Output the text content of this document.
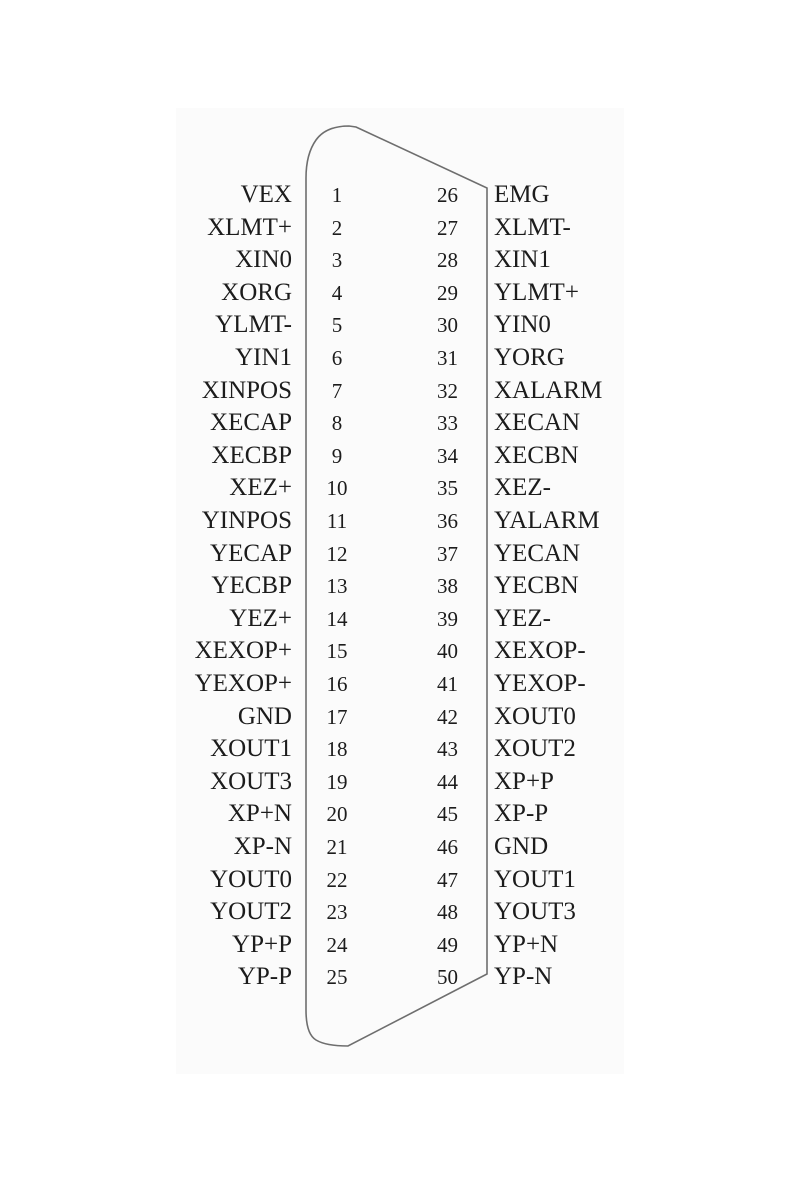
VEX 1
XLMT+ 2
XIN0 3
XORG 4
YLMT- 5
YIN1 6
XINPOS 7
XECAP 8
XECBP 9
XEZ+ 10
YINPOS 11
YECAP 12
YECBP 13
YEZ+ 14
XEXOP+ 15
YEXOP+ 16
GND 17
XOUT1 18
XOUT3 19
XP+N 20
XP-N 21
YOUT0 22
YOUT2 23
YP+P 24
YP-P 25
EMG
26
XLMT-
27
XIN1
28
YLMT+
29
YIN0
30
YORG
31
XALARM
32
XECAN
33
XECBN
34
XEZ-
35
YALARM
36
YECAN
37
YECBN
38
YEZ-
39
XEXOP-
40
YEXOP-
41
XOUT0
42
XOUT2
43
XP+P
44
XP-P
45
GND
46
YOUT1
47
YOUT3
48
YP+N
49
YP-N
50
